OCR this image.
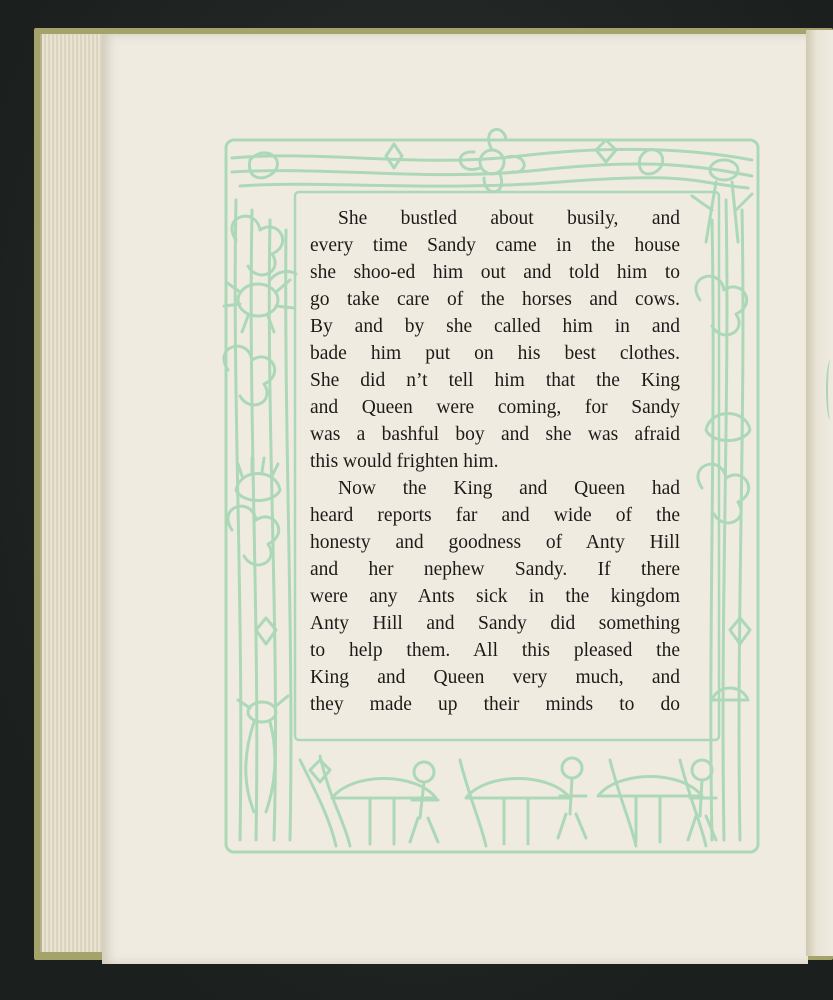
She bustled about busily, and
every time Sandy came in the house
she shoo-ed him out and told him to
go take care of the horses and cows.
By and by she called him in and
bade him put on his best clothes.
She did n’t tell him that the King
and Queen were coming, for Sandy
was a bashful boy and she was afraid
this would frighten him.

Now the King and Queen had
heard reports far and wide of the
honesty and goodness of Anty Hill
and her nephew Sandy. If there
were any Ants sick in the kingdom
Anty Hill and Sandy did something
to help them. All this pleased the
King and Queen very much, and
they made up their minds to do
